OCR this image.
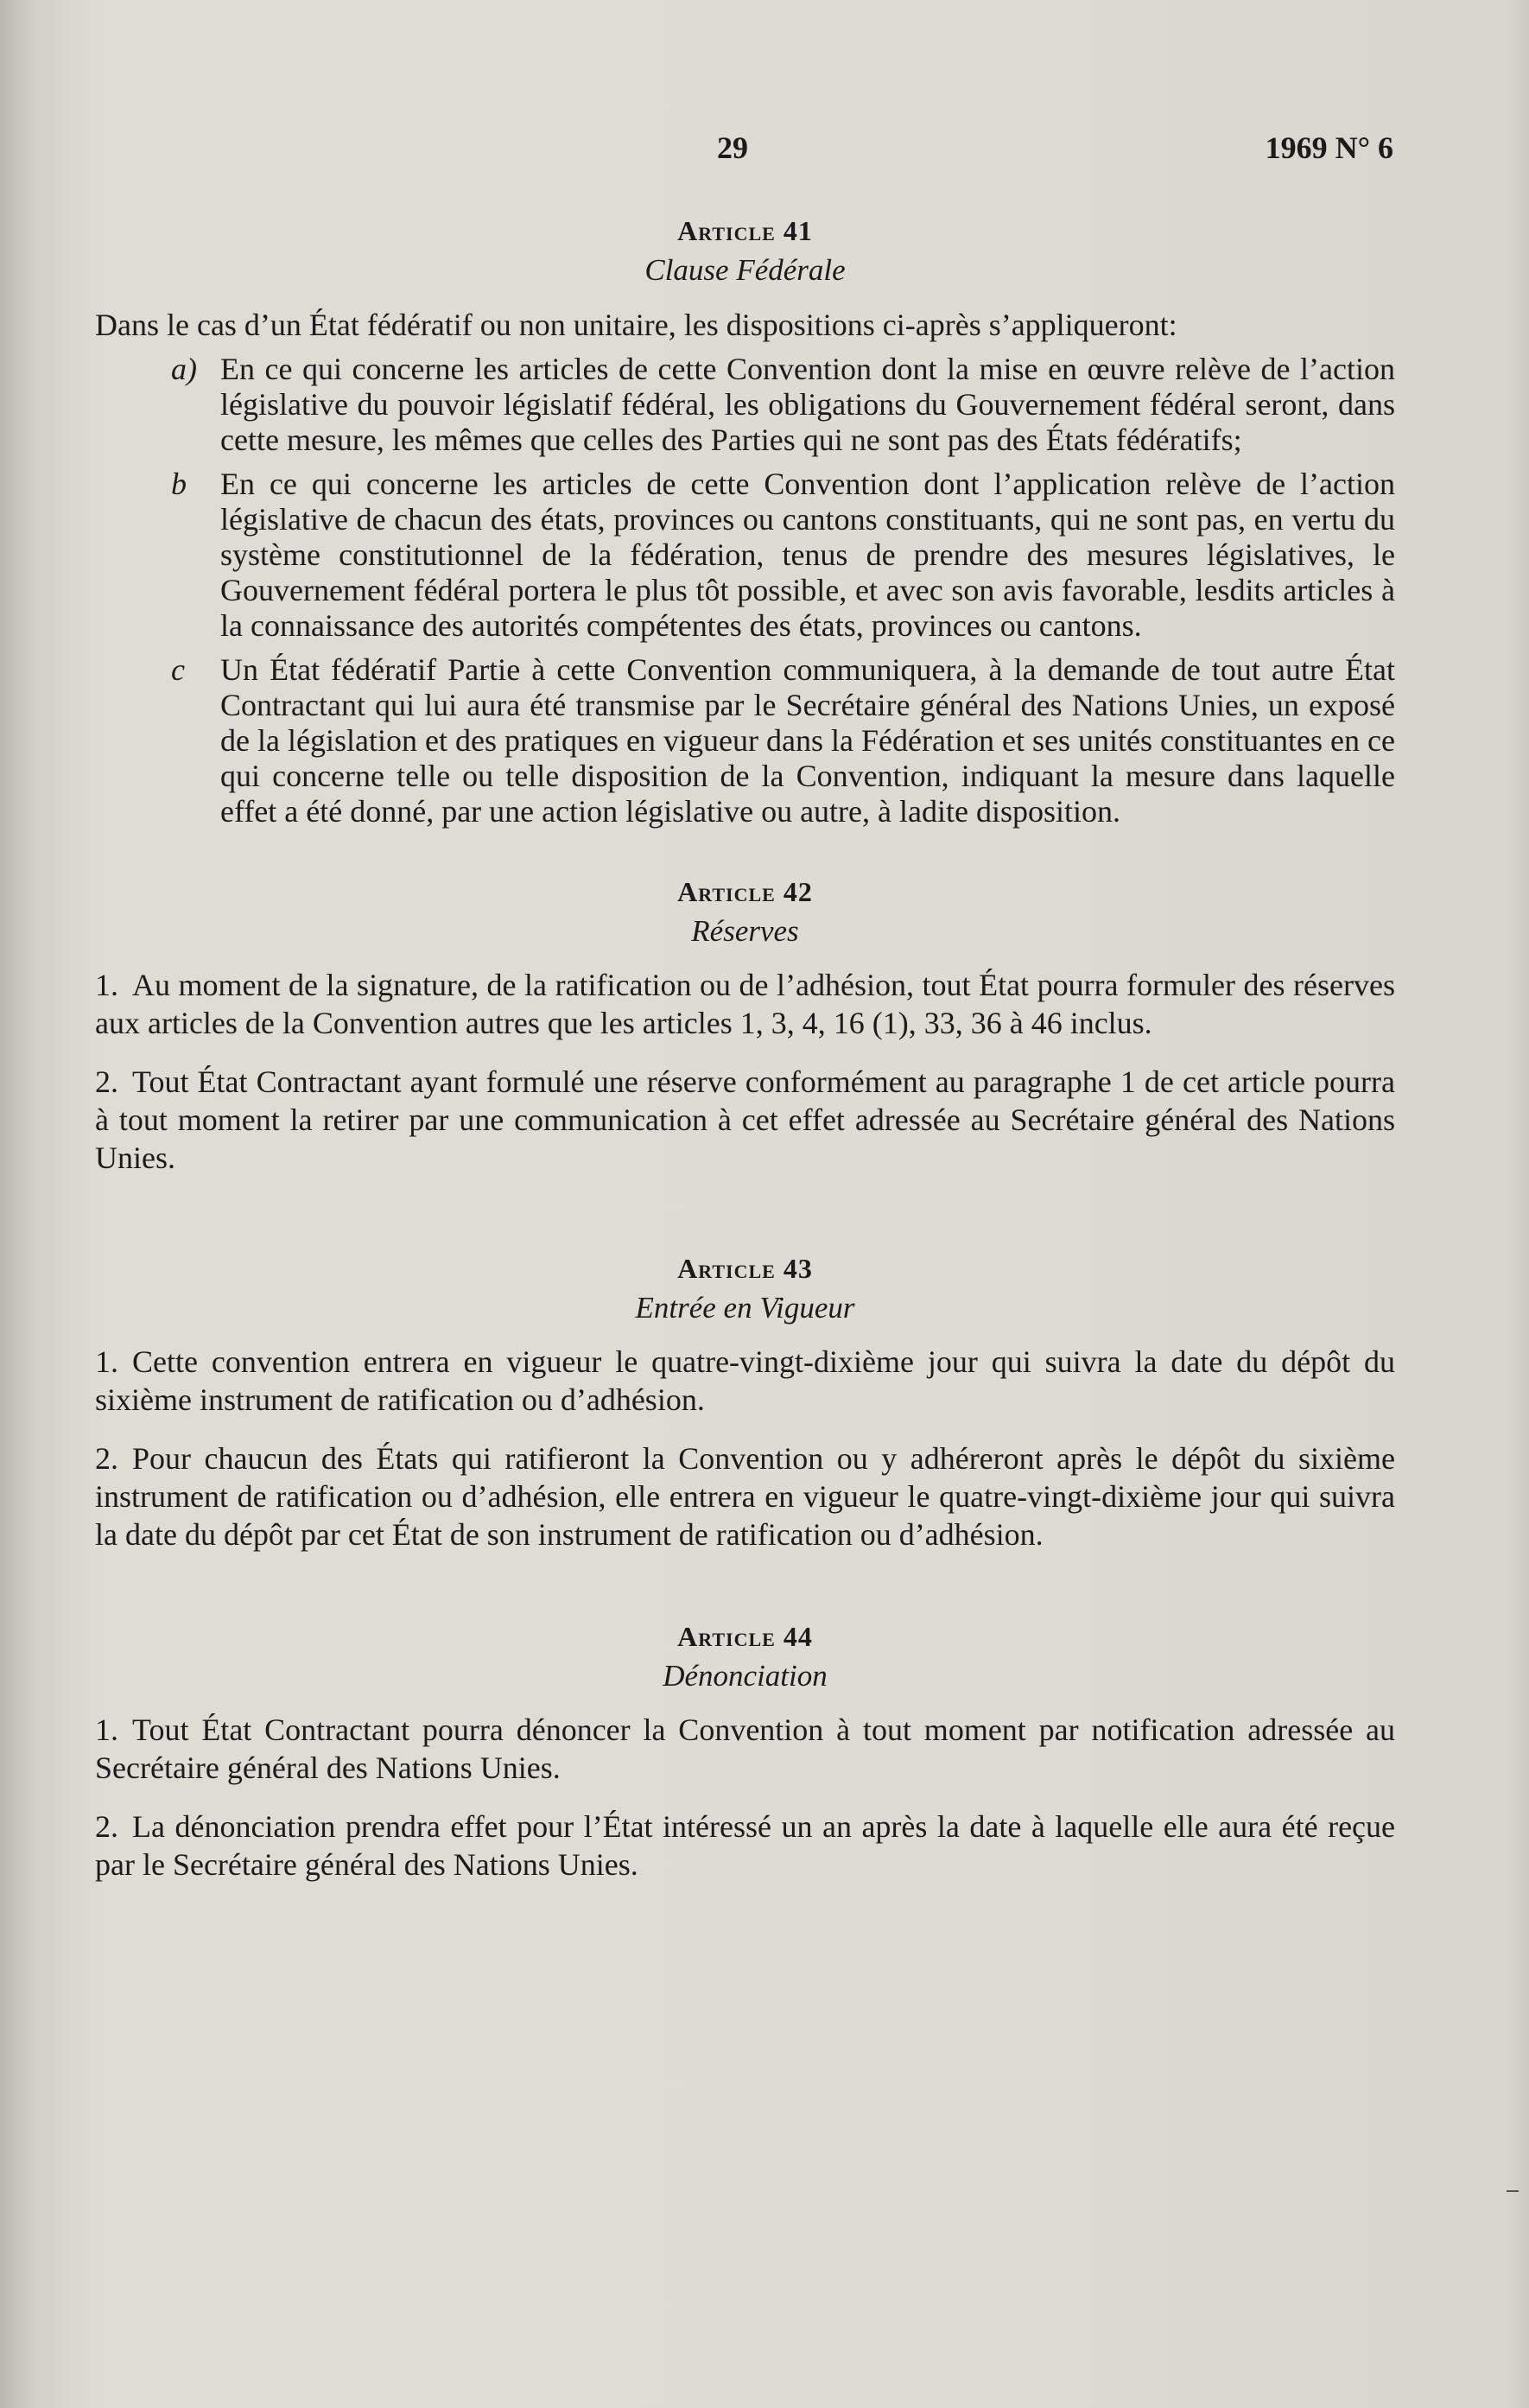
29	1969 N° 6
Article 41
Clause Fédérale

Dans le cas d’un État fédératif ou non unitaire, les dispositions ci-après s’appliqueront:

a) En ce qui concerne les articles de cette Convention dont la mise en œuvre relève de l’action législative du pouvoir législatif fédéral, les obligations du Gouvernement fédéral seront, dans cette mesure, les mêmes que celles des Parties qui ne sont pas des États fédératifs;
b En ce qui concerne les articles de cette Convention dont l’application relève de l’action législative de chacun des états, provinces ou cantons constituants, qui ne sont pas, en vertu du système constitutionnel de la fédération, tenus de prendre des mesures législatives, le Gouvernement fédéral portera le plus tôt possible, et avec son avis favorable, lesdits articles à la connaissance des autorités compétentes des états, provinces ou cantons.
c Un État fédératif Partie à cette Convention communiquera, à la demande de tout autre État Contractant qui lui aura été transmise par le Secrétaire général des Nations Unies, un exposé de la législation et des pratiques en vigueur dans la Fédération et ses unités constituantes en ce qui concerne telle ou telle disposition de la Convention, indiquant la mesure dans laquelle effet a été donné, par une action législative ou autre, à ladite disposition.
Article 42
Réserves

1. Au moment de la signature, de la ratification ou de l’adhésion, tout État pourra formuler des réserves aux articles de la Convention autres que les articles 1, 3, 4, 16 (1), 33, 36 à 46 inclus.

2. Tout État Contractant ayant formulé une réserve conformément au paragraphe 1 de cet article pourra à tout moment la retirer par une communication à cet effet adressée au Secrétaire général des Nations Unies.

Article 43
Entrée en Vigueur

1. Cette convention entrera en vigueur le quatre-vingt-dixième jour qui suivra la date du dépôt du sixième instrument de ratification ou d’adhésion.

2. Pour chaucun des États qui ratifieront la Convention ou y adhéreront après le dépôt du sixième instrument de ratification ou d’adhésion, elle entrera en vigueur le quatre-vingt-dixième jour qui suivra la date du dépôt par cet État de son instrument de ratification ou d’adhésion.

Article 44
Dénonciation

1. Tout État Contractant pourra dénoncer la Convention à tout moment par notification adressée au Secrétaire général des Nations Unies.

2. La dénonciation prendra effet pour l’État intéressé un an après la date à laquelle elle aura été reçue par le Secrétaire général des Nations Unies.
